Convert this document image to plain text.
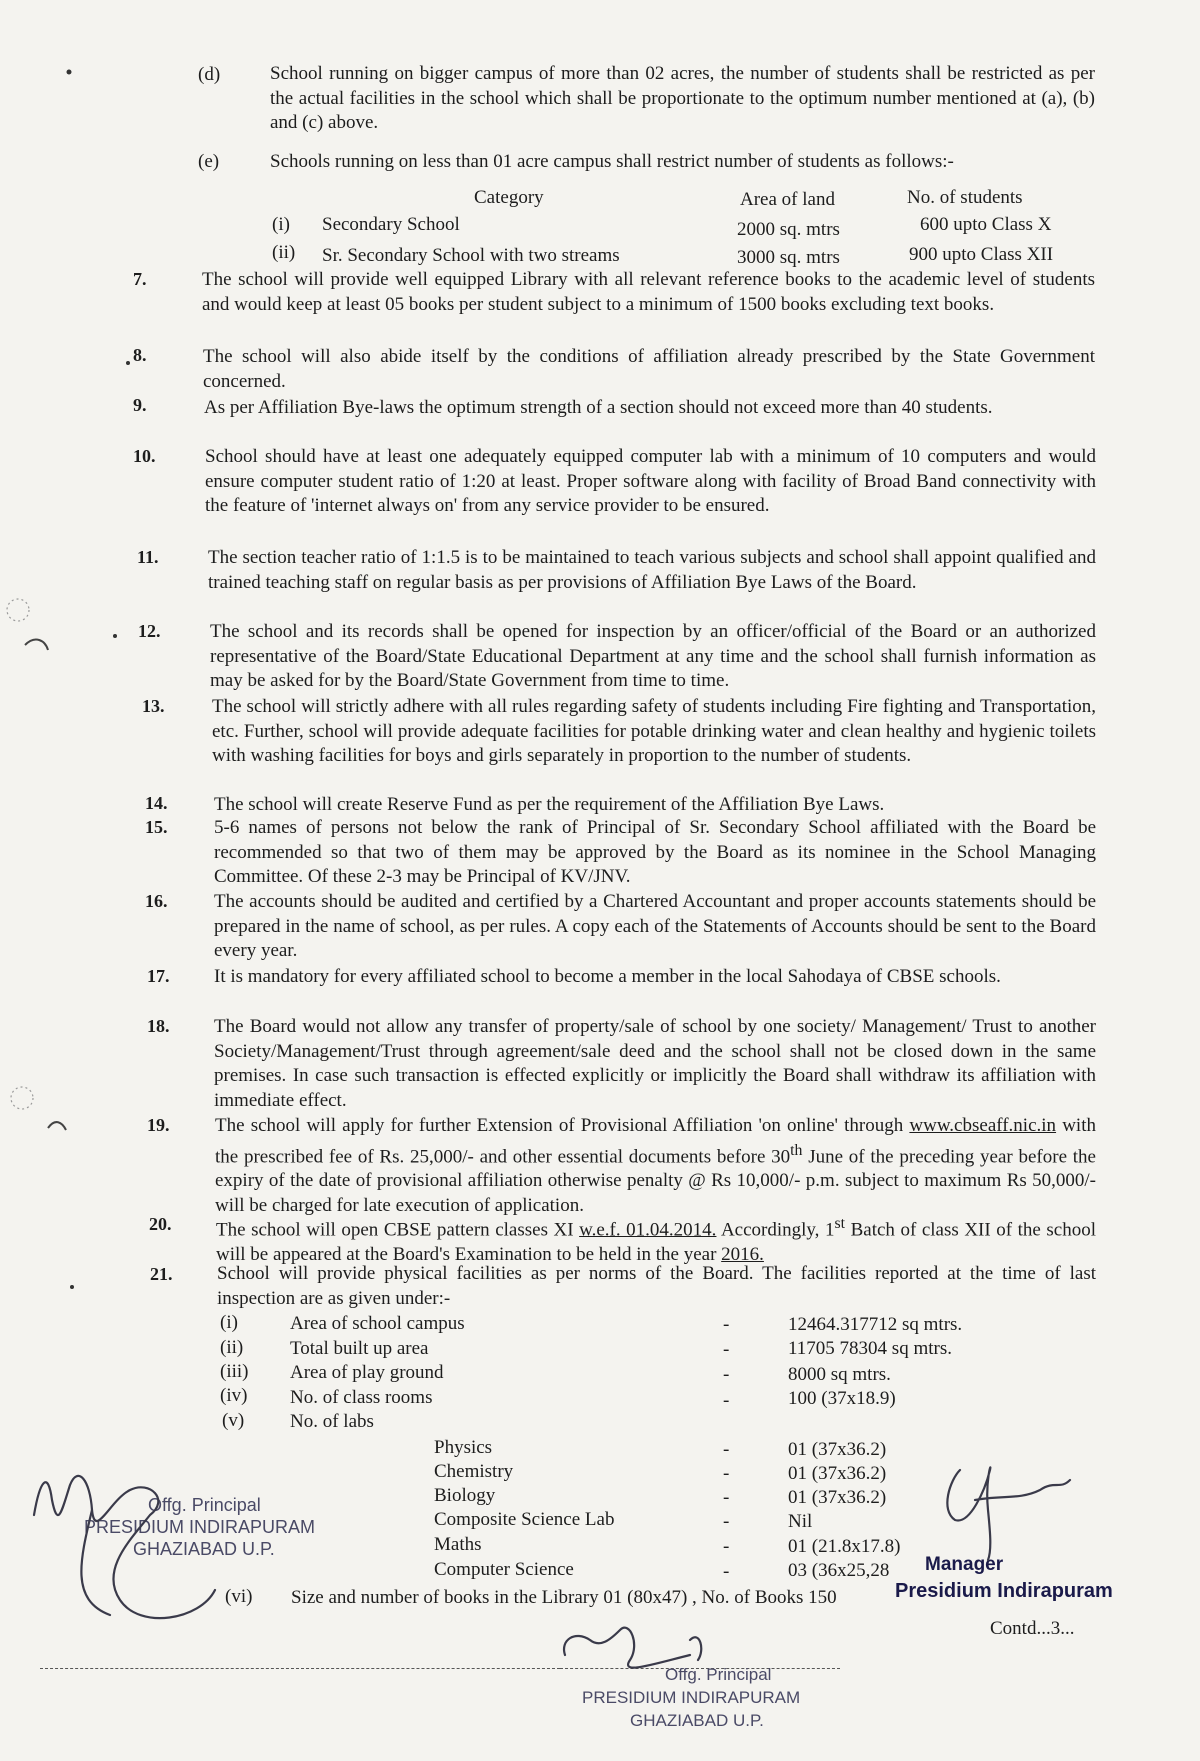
(d)	School running on bigger campus of more than 02 acres, the number of students shall be restricted as per the actual facilities in the school which shall be proportionate to the optimum number mentioned at (a), (b) and (c) above.
(e)	Schools running on less than 01 acre campus shall restrict number of students as follows:-
Category	Area of land	No. of students
(i) Secondary School	2000 sq. mtrs	600 upto Class X
(ii) Sr. Secondary School with two streams	3000 sq. mtrs	900 upto Class XII
7.	The school will provide well equipped Library with all relevant reference books to the academic level of students and would keep at least 05 books per student subject to a minimum of 1500 books excluding text books.
8.	The school will also abide itself by the conditions of affiliation already prescribed by the State Government concerned.
9.	As per Affiliation Bye-laws the optimum strength of a section should not exceed more than 40 students.
10.	School should have at least one adequately equipped computer lab with a minimum of 10 computers and would ensure computer student ratio of 1:20 at least. Proper software along with facility of Broad Band connectivity with the feature of 'internet always on' from any service provider to be ensured.
11.	The section teacher ratio of 1:1.5 is to be maintained to teach various subjects and school shall appoint qualified and trained teaching staff on regular basis as per provisions of Affiliation Bye Laws of the Board.
12.	The school and its records shall be opened for inspection by an officer/official of the Board or an authorized representative of the Board/State Educational Department at any time and the school shall furnish information as may be asked for by the Board/State Government from time to time.
13.	The school will strictly adhere with all rules regarding safety of students including Fire fighting and Transportation, etc. Further, school will provide adequate facilities for potable drinking water and clean healthy and hygienic toilets with washing facilities for boys and girls separately in proportion to the number of students.
14. The school will create Reserve Fund as per the requirement of the Affiliation Bye Laws.
15. 5-6 names of persons not below the rank of Principal of Sr. Secondary School affiliated with the Board be recommended so that two of them may be approved by the Board as its nominee in the School Managing Committee. Of these 2-3 may be Principal of KV/JNV.
16. The accounts should be audited and certified by a Chartered Accountant and proper accounts statements should be prepared in the name of school, as per rules. A copy each of the Statements of Accounts should be sent to the Board every year.
17. It is mandatory for every affiliated school to become a member in the local Sahodaya of CBSE schools.
18. The Board would not allow any transfer of property/sale of school by one society/ Management/ Trust to another Society/Management/Trust through agreement/sale deed and the school shall not be closed down in the same premises. In case such transaction is effected explicitly or implicitly the Board shall withdraw its affiliation with immediate effect.
19. The school will apply for further Extension of Provisional Affiliation 'on online' through www.cbseaff.nic.in with the prescribed fee of Rs. 25,000/- and other essential documents before 30th June of the preceding year before the expiry of the date of provisional affiliation otherwise penalty @ Rs 10,000/- p.m. subject to maximum Rs 50,000/- will be charged for late execution of application.
20. The school will open CBSE pattern classes XI w.e.f. 01.04.2014. Accordingly, 1st Batch of class XII of the school will be appeared at the Board's Examination to be held in the year 2016.
21. School will provide physical facilities as per norms of the Board. The facilities reported at the time of last inspection are as given under:-
(i)	Area of school campus	-	12464.317712 sq mtrs.
(ii) Total built up area	-	11705 78304 sq mtrs.
(iii) Area of play ground	-	8000 sq mtrs.
(iv) No. of class rooms	-	100 (37x18.9)
(v) No. of labs
Physics	-	01 (37x36.2)
Chemistry	-	01 (37x36.2)
Biology	-	01 (37x36.2)
Composite Science Lab	-	Nil
Maths	-	01 (21.8x17.8)
Computer Science	-	03 (36x25,28
(vi) Size and number of books in the Library 01 (80x47) , No. of Books 150
Manager
Presidium Indirapuram
Contd...3...
Offg. Principal
PRESIDIUM INDIRAPURAM
GHAZIABAD U.P.
Offg. Principal
PRESIDIUM INDIRAPURAM
GHAZIABAD U.P.
